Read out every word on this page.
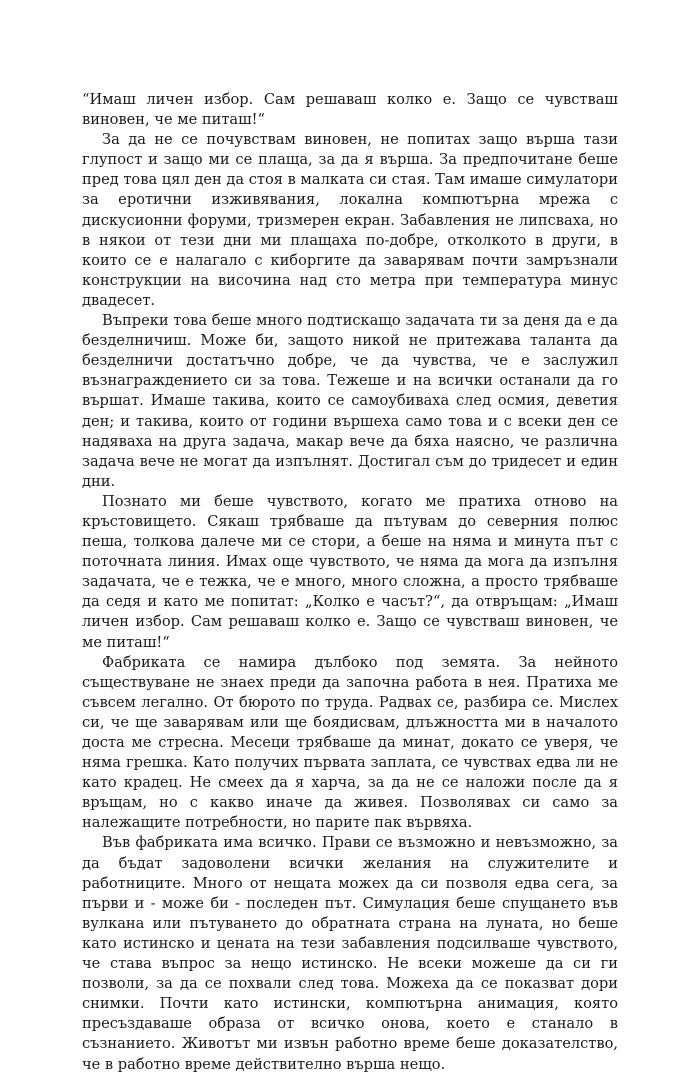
“Имаш личен избор. Сам решаваш колко е. Защо се чувстваш виновен, че ме питаш!“

За да не се почувствам виновен, не попитах защо върша тази глупост и защо ми се плаща, за да я върша. За предпочитане беше пред това цял ден да стоя в малката си стая. Там имаше симулатори за еротични изживявания, локална компютърна мрежа с дискусионни форуми, тризмерен екран. Забавления не липсваха, но в някои от тези дни ми плащаха по-добре, отколкото в други, в които се е налагало с киборгите да заварявам почти замръзнали конструкции на височина над сто метра при температура минус двадесет.

Въпреки това беше много подтискащо задачата ти за деня да е да безделничиш. Може би, защото никой не притежава таланта да безделничи достатъчно добре, че да чувства, че е заслужил възнаграждението си за това. Тежеше и на всички останали да го вършат. Имаше такива, които се самоубиваха след осмия, деветия ден; и такива, които от години вършеха само това и с всеки ден се надяваха на друга задача, макар вече да бяха наясно, че различна задача вече не могат да изпълнят. Достигал съм до тридесет и един дни.

Познато ми беше чувството, когато ме пратиха отново на кръстовището. Сякаш трябваше да пътувам до северния полюс пеша, толкова далече ми се стори, а беше на няма и минута път с поточната линия. Имах още чувството, че няма да мога да изпълня задачата, че е тежка, че е много, много сложна, а просто трябваше да седя и като ме попитат: „Колко е часът?“, да отвръщам: „Имаш личен избор. Сам решаваш колко е. Защо се чувстваш виновен, че ме питаш!“

Фабриката се намира дълбоко под земята. За нейното съществуване не знаех преди да започна работа в нея. Пратиха ме съвсем легално. От бюрото по труда. Радвах се, разбира се. Мислех си, че ще заварявам или ще боядисвам, длъжността ми в началото доста ме стресна. Месеци трябваше да минат, докато се уверя, че няма грешка. Като получих първата заплата, се чувствах едва ли не като крадец. Не смеех да я харча, за да не се наложи после да я връщам, но с какво иначе да живея. Позволявах си само за належащите потребности, но парите пак вървяха.

Във фабриката има всичко. Прави се възможно и невъзможно, за да бъдат задоволени всички желания на служителите и работниците. Много от нещата можех да си позволя едва сега, за първи и - може би - последен път. Симулация беше спущането във вулкана или пътуването до обратната страна на луната, но беше като истинско и цената на тези забавления подсилваше чувството, че става въпрос за нещо истинско. Не всеки можеше да си ги позволи, за да се похвали след това. Можеха да се показват дори снимки. Почти като истински, компютърна анимация, която пресъздаваше образа от всичко онова, което е станало в съзнанието. Животът ми извън работно време беше доказателство, че в работно време действително върша нещо.
